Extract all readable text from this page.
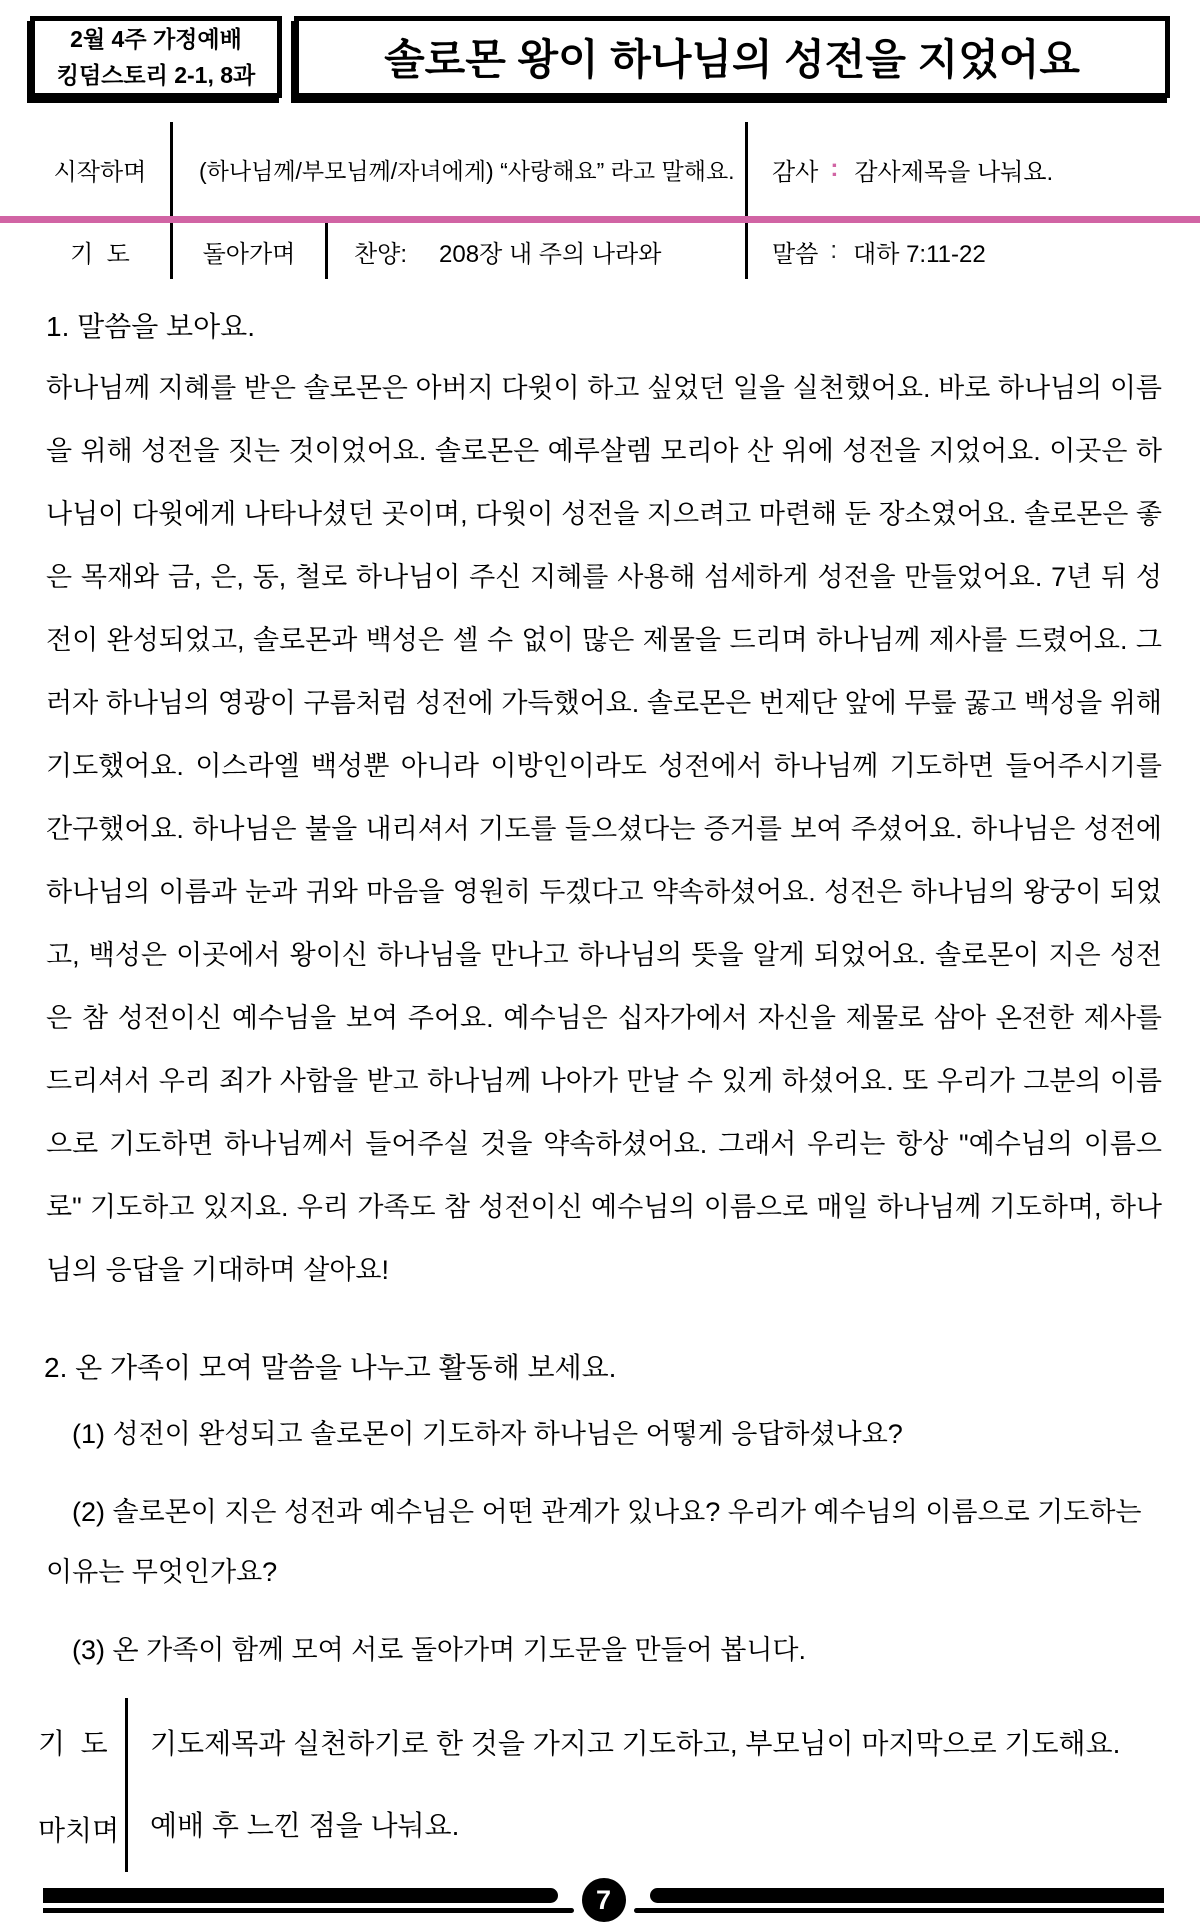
2월 4주 가정예배
킹덤스토리 2-1, 8과	솔로몬 왕이 하나님의 성전을 지었어요
시작하며	(하나님께/부모님께/자녀에게) “사랑해요” 라고 말해요.	감사 : 감사제목을 나눠요.
기  도	돌아가며	찬양: 208장 내 주의 나라와	말씀 : 대하 7:11-22
1. 말씀을 보아요.

하나님께 지혜를 받은 솔로몬은 아버지 다윗이 하고 싶었던 일을 실천했어요. 바로 하나님의 이름을 위해 성전을 짓는 것이었어요. 솔로몬은 예루살렘 모리아 산 위에 성전을 지었어요. 이곳은 하나님이 다윗에게 나타나셨던 곳이며, 다윗이 성전을 지으려고 마련해 둔 장소였어요. 솔로몬은 좋은 목재와 금, 은, 동, 철로 하나님이 주신 지혜를 사용해 섬세하게 성전을 만들었어요. 7년 뒤 성전이 완성되었고, 솔로몬과 백성은 셀 수 없이 많은 제물을 드리며 하나님께 제사를 드렸어요. 그러자 하나님의 영광이 구름처럼 성전에 가득했어요. 솔로몬은 번제단 앞에 무릎 꿇고 백성을 위해 기도했어요. 이스라엘 백성뿐 아니라 이방인이라도 성전에서 하나님께 기도하면 들어주시기를 간구했어요. 하나님은 불을 내리셔서 기도를 들으셨다는 증거를 보여 주셨어요. 하나님은 성전에 하나님의 이름과 눈과 귀와 마음을 영원히 두겠다고 약속하셨어요. 성전은 하나님의 왕궁이 되었고, 백성은 이곳에서 왕이신 하나님을 만나고 하나님의 뜻을 알게 되었어요. 솔로몬이 지은 성전은 참 성전이신 예수님을 보여 주어요. 예수님은 십자가에서 자신을 제물로 삼아 온전한 제사를 드리셔서 우리 죄가 사함을 받고 하나님께 나아가 만날 수 있게 하셨어요. 또 우리가 그분의 이름으로 기도하면 하나님께서 들어주실 것을 약속하셨어요. 그래서 우리는 항상 "예수님의 이름으로" 기도하고 있지요. 우리 가족도 참 성전이신 예수님의 이름으로 매일 하나님께 기도하며, 하나님의 응답을 기대하며 살아요!

2. 온 가족이 모여 말씀을 나누고 활동해 보세요.

(1) 성전이 완성되고 솔로몬이 기도하자 하나님은 어떻게 응답하셨나요?

(2) 솔로몬이 지은 성전과 예수님은 어떤 관계가 있나요? 우리가 예수님의 이름으로 기도하는 이유는 무엇인가요?

(3) 온 가족이 함께 모여 서로 돌아가며 기도문을 만들어 봅니다.

기  도	기도제목과 실천하기로 한 것을 가지고 기도하고, 부모님이 마지막으로 기도해요.
마치며	예배 후 느낀 점을 나눠요.
7
